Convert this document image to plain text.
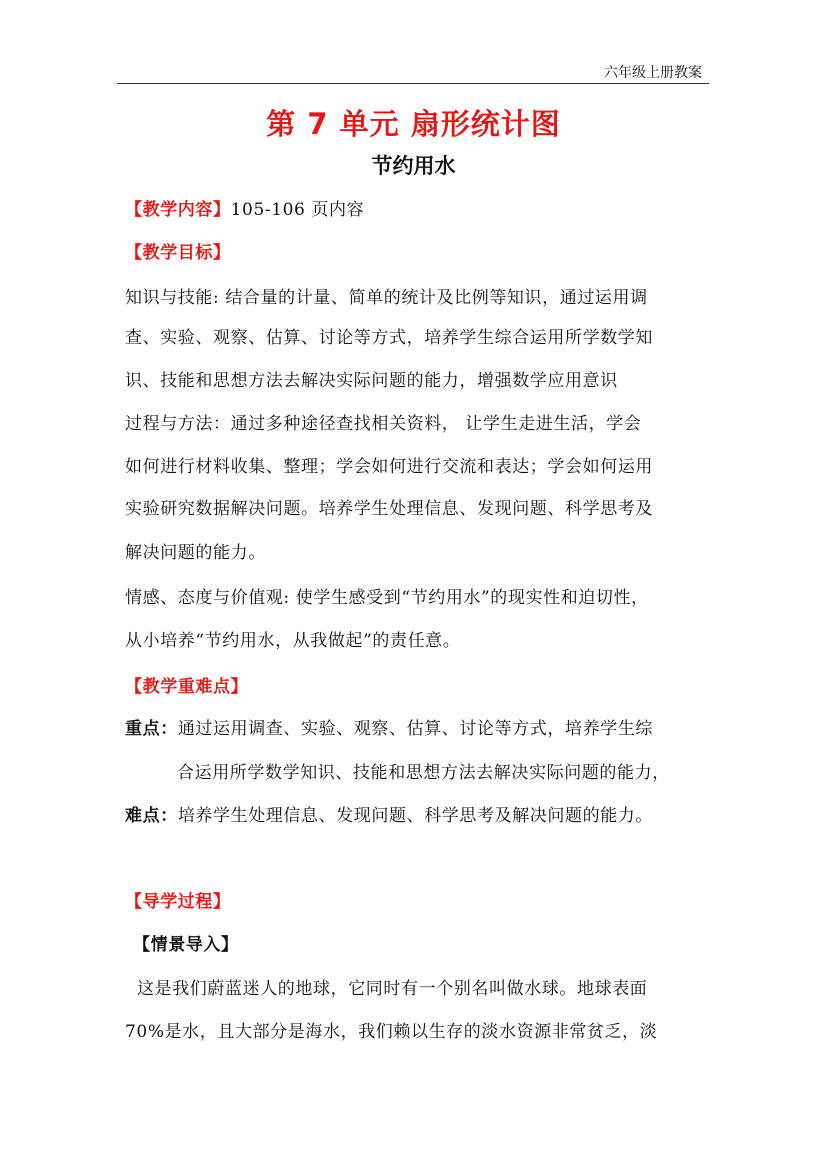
六年级上册教案
第 7 单元 扇形统计图
节约用水
【教学内容】105-106 页内容
【教学目标】
知识与技能: 结合量的计量、简单的统计及比例等知识，通过运用调
查、实验、观察、估算、讨论等方式，培养学生综合运用所学数学知
识、技能和思想方法去解决实际问题的能力，增强数学应用意识
过程与方法：通过多种途径查找相关资料， 让学生走进生活，学会
如何进行材料收集、整理；学会如何进行交流和表达；学会如何运用
实验研究数据解决问题。培养学生处理信息、发现问题、科学思考及
解决问题的能力。
情感、态度与价值观: 使学生感受到“节约用水”的现实性和迫切性，
从小培养“节约用水，从我做起”的责任意。
【教学重难点】
重点：通过运用调查、实验、观察、估算、讨论等方式，培养学生综
合运用所学数学知识、技能和思想方法去解决实际问题的能力，
难点：培养学生处理信息、发现问题、科学思考及解决问题的能力。
【导学过程】
【情景导入】
这是我们蔚蓝迷人的地球，它同时有一个别名叫做水球。地球表面
70%是水，且大部分是海水，我们赖以生存的淡水资源非常贫乏，淡
